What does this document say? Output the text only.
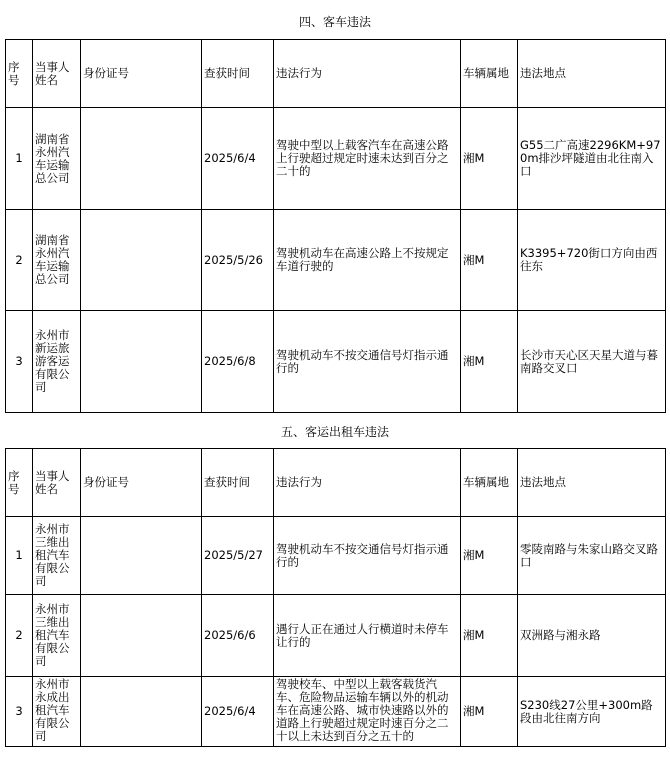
四、客车违法
序号	当事人姓名	身份证号	查获时间	违法行为	车辆属地	违法地点
1	湖南省永州汽车运输总公司		2025/6/4	驾驶中型以上载客汽车在高速公路上行驶超过规定时速未达到百分之二十的	湘M	G55二广高速2296KM+970m排沙坪隧道由北往南入口
2	湖南省永州汽车运输总公司		2025/5/26	驾驶机动车在高速公路上不按规定车道行驶的	湘M	K3395+720街口方向由西往东
3	永州市新运旅游客运有限公司		2025/6/8	驾驶机动车不按交通信号灯指示通行的	湘M	长沙市天心区天星大道与暮南路交叉口
五、客运出租车违法
序号	当事人姓名	身份证号	查获时间	违法行为	车辆属地	违法地点
1	永州市三维出租汽车有限公司		2025/5/27	驾驶机动车不按交通信号灯指示通行的	湘M	零陵南路与朱家山路交叉路口
2	永州市三维出租汽车有限公司		2025/6/6	遇行人正在通过人行横道时未停车让行的	湘M	双洲路与湘永路
3	永州市永成出租汽车有限公司		2025/6/4	驾驶校车、中型以上载客载货汽车、危险物品运输车辆以外的机动车在高速公路、城市快速路以外的道路上行驶超过规定时速百分之二十以上未达到百分之五十的	湘M	S230线27公里+300m路段由北往南方向
